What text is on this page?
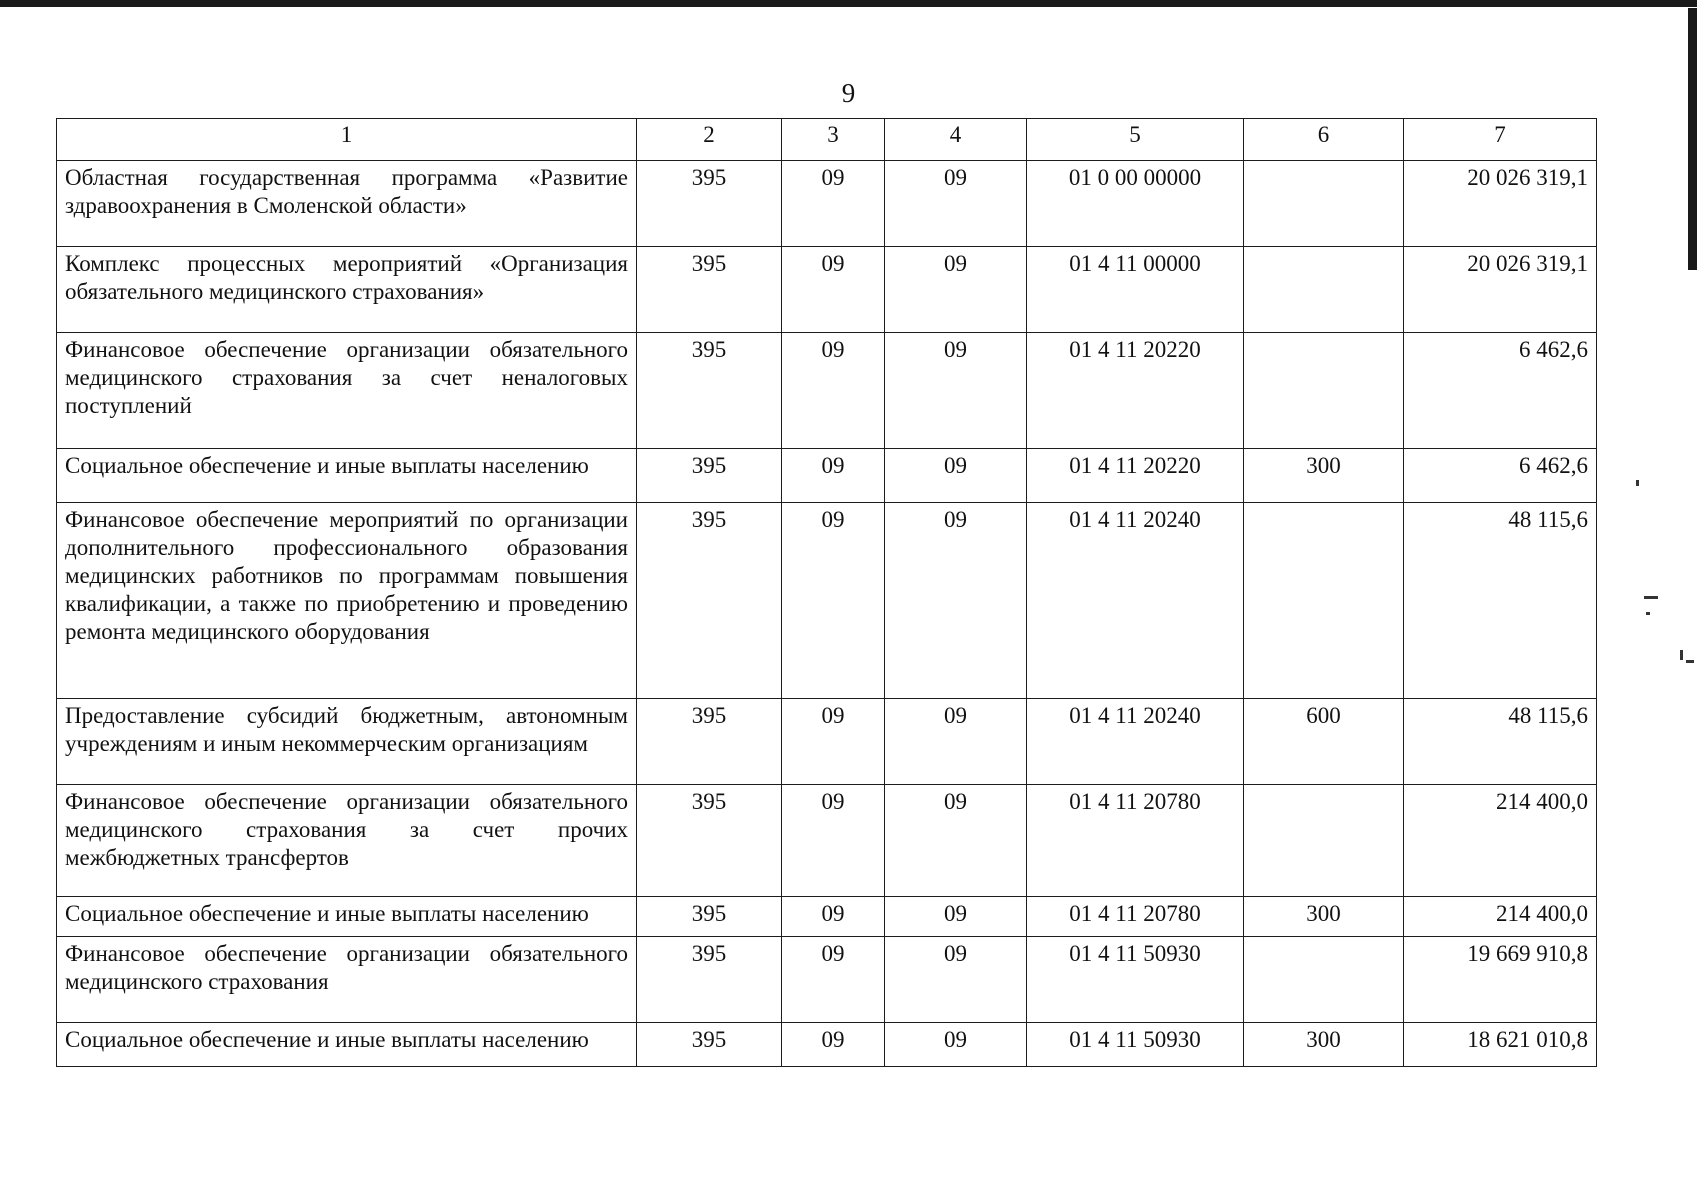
9
1	2	3	4	5	6	7
Областная государственная программа «Развитие здравоохранения в Смоленской области»	395	09	09	01 0 00 00000		20 026 319,1
Комплекс процессных мероприятий «Организация обязательного медицинского страхования»	395	09	09	01 4 11 00000		20 026 319,1
Финансовое обеспечение организации обязательного медицинского страхования за счет неналоговых поступлений	395	09	09	01 4 11 20220		6 462,6
Социальное обеспечение и иные выплаты населению	395	09	09	01 4 11 20220	300	6 462,6
Финансовое обеспечение мероприятий по организации дополнительного профессионального образования медицинских работников по программам повышения квалификации, а также по приобретению и проведению ремонта медицинского оборудования	395	09	09	01 4 11 20240		48 115,6
Предоставление субсидий бюджетным, автономным учреждениям и иным некоммерческим организациям	395	09	09	01 4 11 20240	600	48 115,6
Финансовое обеспечение организации обязательного медицинского страхования за счет прочих межбюджетных трансфертов	395	09	09	01 4 11 20780		214 400,0
Социальное обеспечение и иные выплаты населению	395	09	09	01 4 11 20780	300	214 400,0
Финансовое обеспечение организации обязательного медицинского страхования	395	09	09	01 4 11 50930		19 669 910,8
Социальное обеспечение и иные выплаты населению	395	09	09	01 4 11 50930	300	18 621 010,8
